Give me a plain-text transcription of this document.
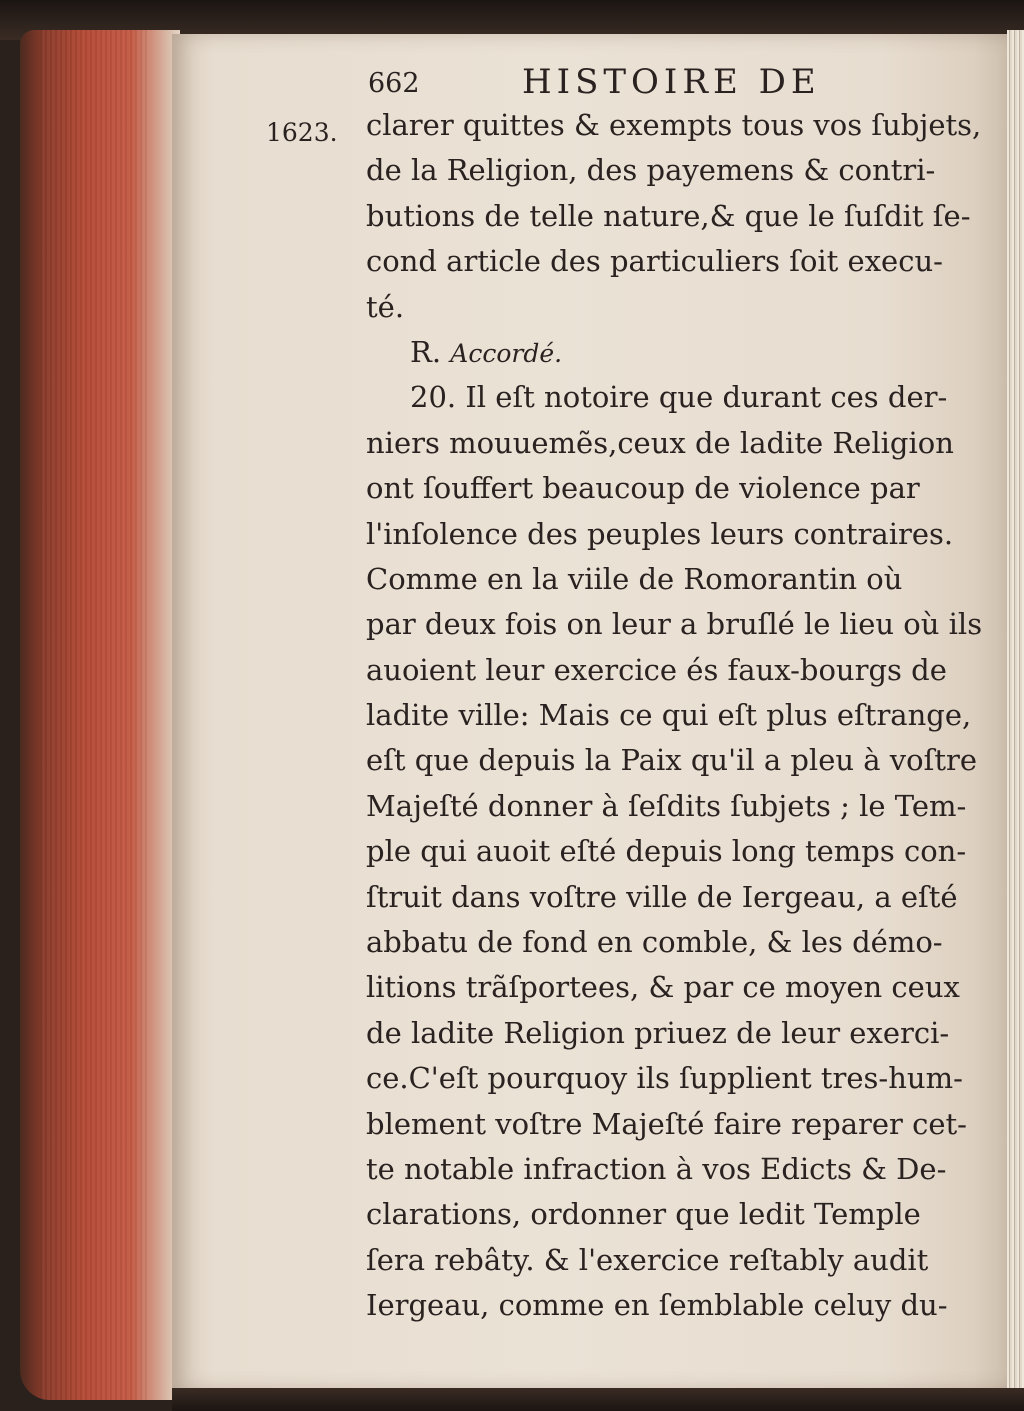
662	HISTOIRE DE
1623. clarer quittes & exempts tous vos ſubjets,
de la Religion, des payemens & contri-
butions de telle nature,& que le ſuſdit ſe-
cond article des particuliers ſoit execu-
té.
R. Accordé.
20. Il eſt notoire que durant ces der-
niers mouuemẽs,ceux de ladite Religion
ont ſouffert beaucoup de violence par
l'inſolence des peuples leurs contraires.
Comme en la viile de Romorantin où
par deux fois on leur a bruſlé le lieu où ils
auoient leur exercice és faux-bourgs de
ladite ville: Mais ce qui eſt plus eſtrange,
eſt que depuis la Paix qu'il a pleu à voſtre
Majeſté donner à ſeſdits ſubjets ; le Tem-
ple qui auoit eſté depuis long temps con-
ſtruit dans voſtre ville de Iergeau, a eſté
abbatu de fond en comble, & les démo-
litions trãſportees, & par ce moyen ceux
de ladite Religion priuez de leur exerci-
ce.C'eſt pourquoy ils ſupplient tres-hum-
blement voſtre Majeſté faire reparer cet-
te notable infraction à vos Edicts & De-
clarations, ordonner que ledit Temple
ſera rebâty. & l'exercice reſtably audit
Iergeau, comme en ſemblable celuy du-
